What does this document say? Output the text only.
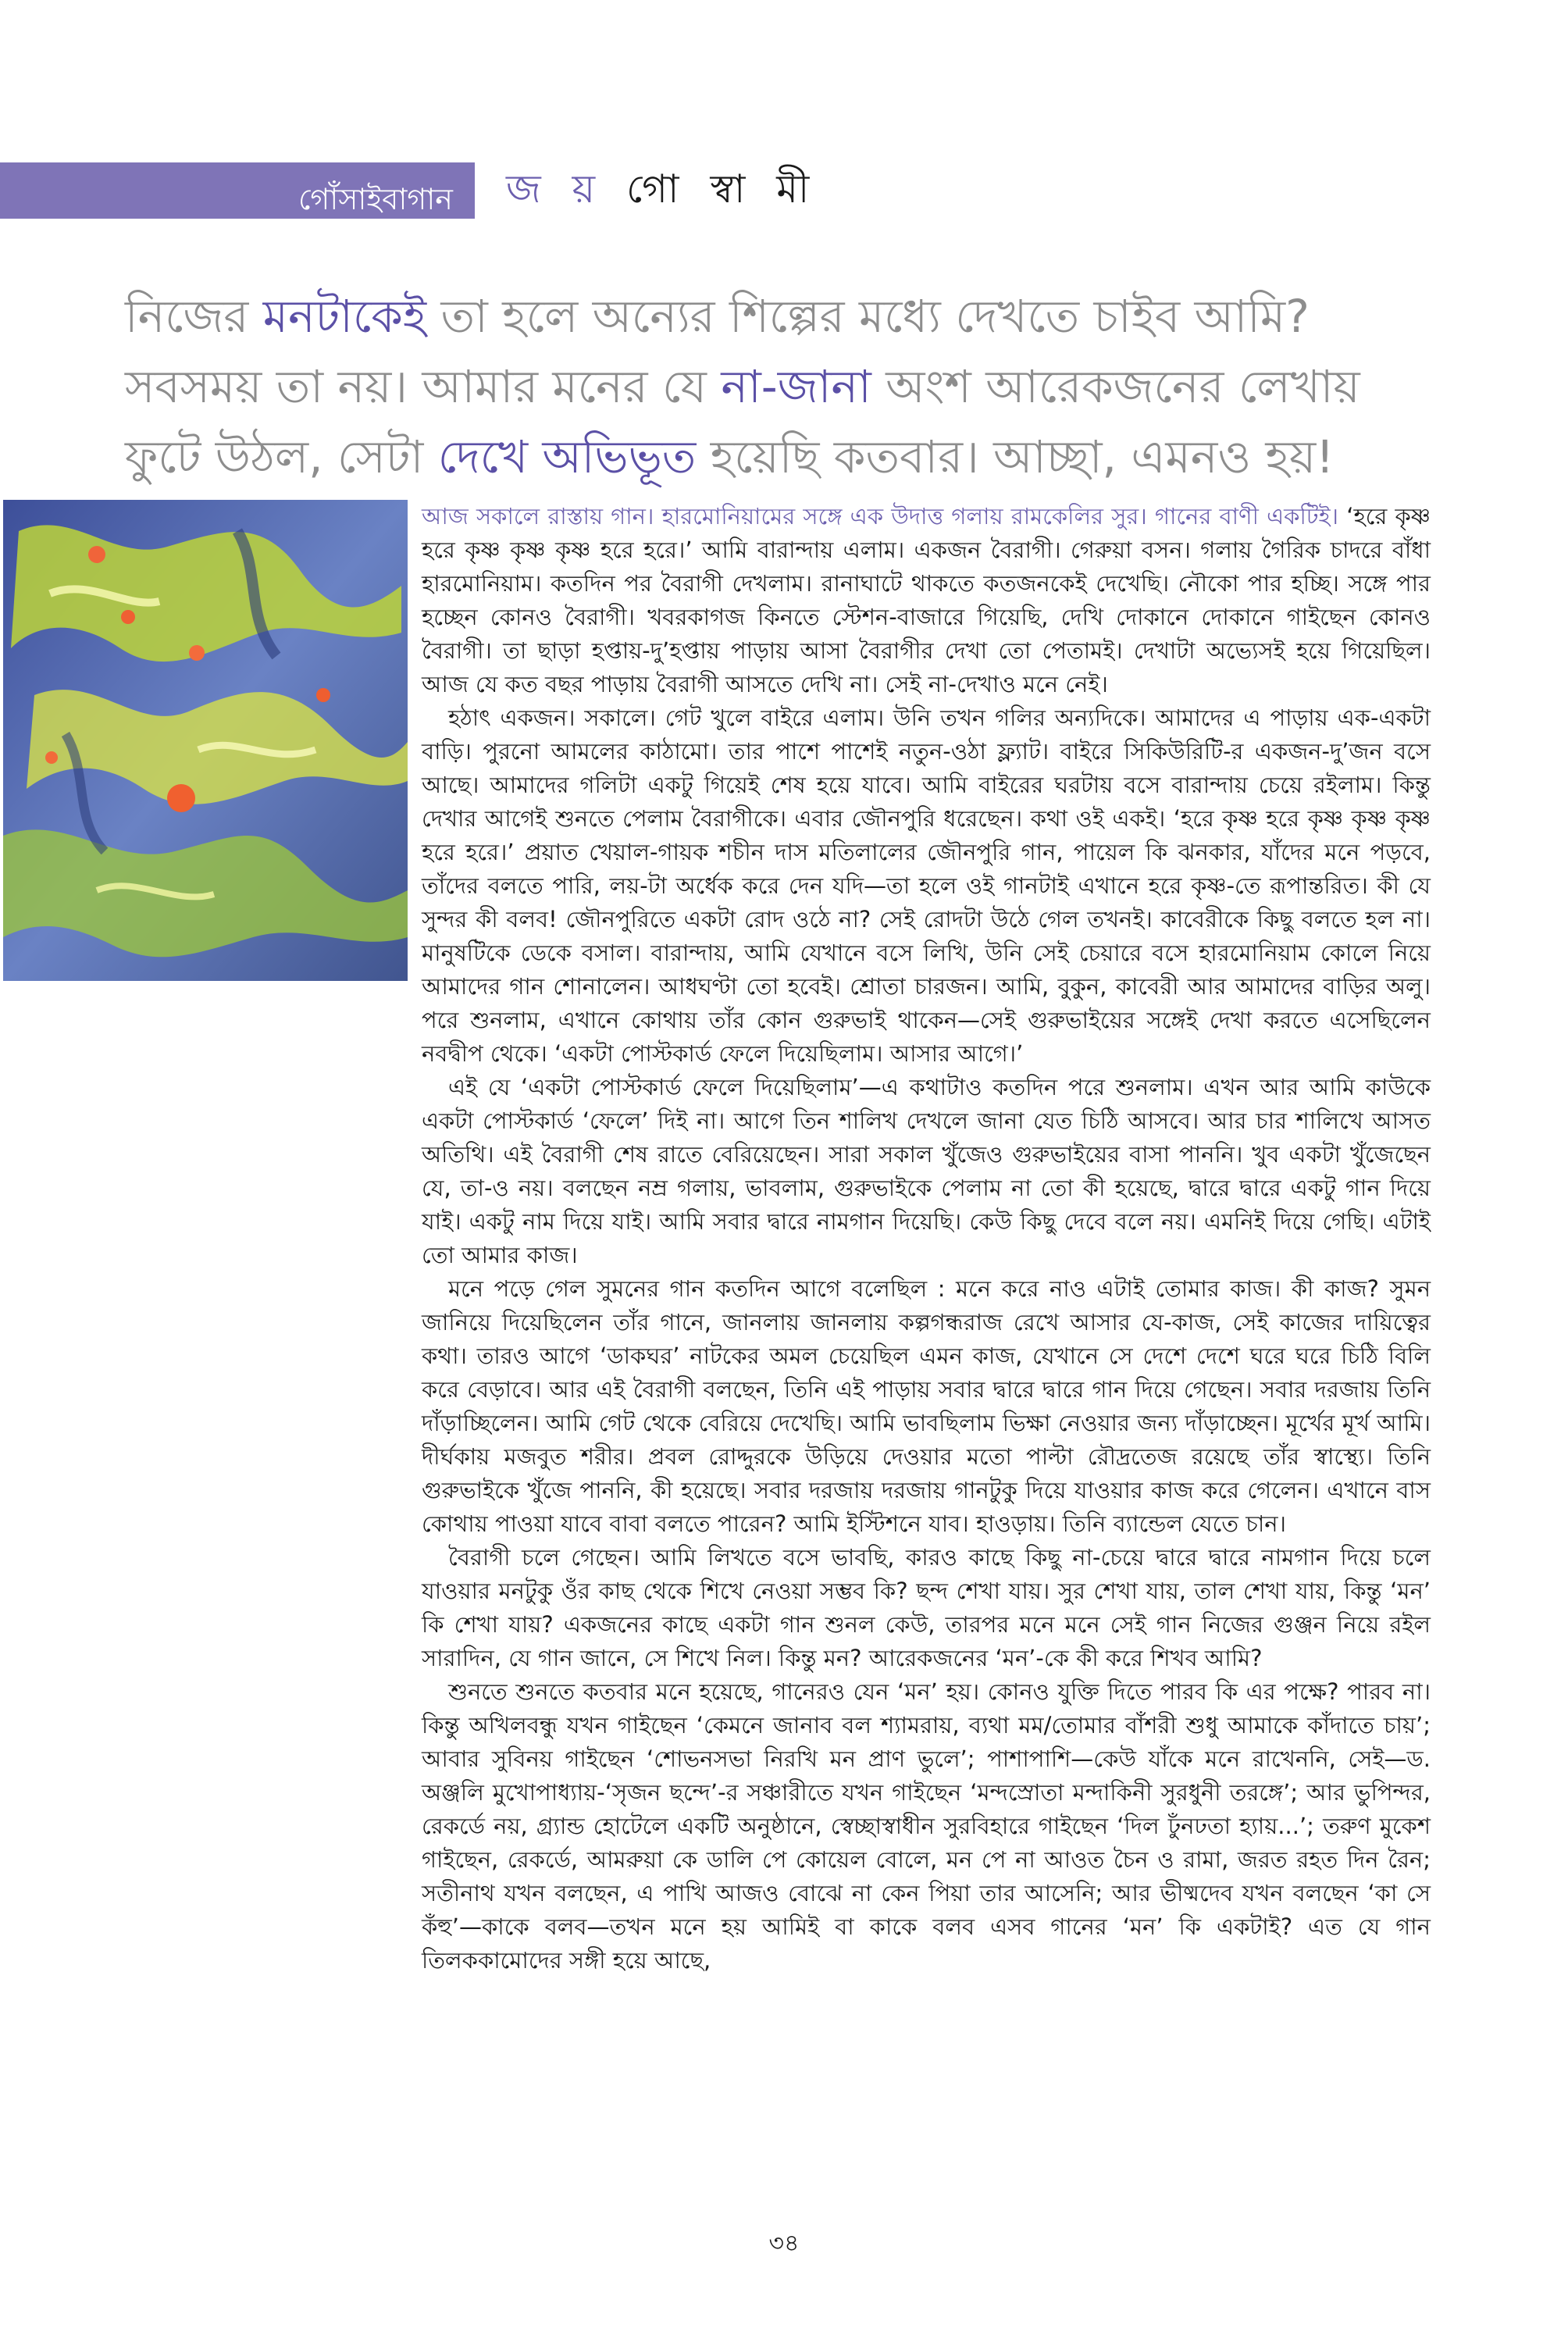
গোঁসাইবাগান জ য় গো স্বা মী
নিজের মনটাকেই তা হলে অন্যের শিল্পের মধ্যে দেখতে চাইব আমি?
সবসময় তা নয়। আমার মনের যে না-জানা অংশ আরেকজনের লেখায়
ফুটে উঠল, সেটা দেখে অভিভূত হয়েছি কতবার। আচ্ছা, এমনও হয়!

আজ সকালে রাস্তায় গান। হারমোনিয়ামের সঙ্গে এক উদাত্ত গলায় রামকেলির সুর। গানের বাণী একটিই। ‘হরে কৃষ্ণ হরে কৃষ্ণ কৃষ্ণ কৃষ্ণ হরে হরে।’ আমি বারান্দায় এলাম। একজন বৈরাগী। গেরুয়া বসন। গলায় গৈরিক চাদরে বাঁধা হারমোনিয়াম। কতদিন পর বৈরাগী দেখলাম। রানাঘাটে থাকতে কতজনকেই দেখেছি। নৌকো পার হচ্ছি। সঙ্গে পার হচ্ছেন কোনও বৈরাগী। খবরকাগজ কিনতে স্টেশন-বাজারে গিয়েছি, দেখি দোকানে দোকানে গাইছেন কোনও বৈরাগী। তা ছাড়া হপ্তায়-দু’হপ্তায় পাড়ায় আসা বৈরাগীর দেখা তো পেতামই। দেখাটা অভ্যেসই হয়ে গিয়েছিল। আজ যে কত বছর পাড়ায় বৈরাগী আসতে দেখি না। সেই না-দেখাও মনে নেই।

হঠাৎ একজন। সকালে। গেট খুলে বাইরে এলাম। উনি তখন গলির অন্যদিকে। আমাদের এ পাড়ায় এক-একটা বাড়ি। পুরনো আমলের কাঠামো। তার পাশে পাশেই নতুন-ওঠা ফ্ল্যাট। বাইরে সিকিউরিটি-র একজন-দু’জন বসে আছে। আমাদের গলিটা একটু গিয়েই শেষ হয়ে যাবে। আমি বাইরের ঘরটায় বসে বারান্দায় চেয়ে রইলাম। কিন্তু দেখার আগেই শুনতে পেলাম বৈরাগীকে। এবার জৌনপুরি ধরেছেন। কথা ওই একই। ‘হরে কৃষ্ণ হরে কৃষ্ণ কৃষ্ণ কৃষ্ণ হরে হরে।’ প্রয়াত খেয়াল-গায়ক শচীন দাস মতিলালের জৌনপুরি গান, পায়েল কি ঝনকার, যাঁদের মনে পড়বে, তাঁদের বলতে পারি, লয়-টা অর্ধেক করে দেন যদি—তা হলে ওই গানটাই এখানে হরে কৃষ্ণ-তে রূপান্তরিত। কী যে সুন্দর কী বলব! জৌনপুরিতে একটা রোদ ওঠে না? সেই রোদটা উঠে গেল তখনই। কাবেরীকে কিছু বলতে হল না। মানুষটিকে ডেকে বসাল। বারান্দায়, আমি যেখানে বসে লিখি, উনি সেই চেয়ারে বসে হারমোনিয়াম কোলে নিয়ে আমাদের গান শোনালেন। আধঘণ্টা তো হবেই। শ্রোতা চারজন। আমি, বুকুন, কাবেরী আর আমাদের বাড়ির অলু। পরে শুনলাম, এখানে কোথায় তাঁর কোন গুরুভাই থাকেন—সেই গুরুভাইয়ের সঙ্গেই দেখা করতে এসেছিলেন নবদ্বীপ থেকে। ‘একটা পোস্টকার্ড ফেলে দিয়েছিলাম। আসার আগে।’

এই যে ‘একটা পোস্টকার্ড ফেলে দিয়েছিলাম’—এ কথাটাও কতদিন পরে শুনলাম। এখন আর আমি কাউকে একটা পোস্টকার্ড ‘ফেলে’ দিই না। আগে তিন শালিখ দেখলে জানা যেত চিঠি আসবে। আর চার শালিখে আসত অতিথি। এই বৈরাগী শেষ রাতে বেরিয়েছেন। সারা সকাল খুঁজেও গুরুভাইয়ের বাসা পাননি। খুব একটা খুঁজেছেন যে, তা-ও নয়। বলছেন নম্র গলায়, ভাবলাম, গুরুভাইকে পেলাম না তো কী হয়েছে, দ্বারে দ্বারে একটু গান দিয়ে যাই। একটু নাম দিয়ে যাই। আমি সবার দ্বারে নামগান দিয়েছি। কেউ কিছু দেবে বলে নয়। এমনিই দিয়ে গেছি। এটাই তো আমার কাজ।

মনে পড়ে গেল সুমনের গান কতদিন আগে বলেছিল : মনে করে নাও এটাই তোমার কাজ। কী কাজ? সুমন জানিয়ে দিয়েছিলেন তাঁর গানে, জানলায় জানলায় কল্পগন্ধরাজ রেখে আসার যে-কাজ, সেই কাজের দায়িত্বের কথা। তারও আগে ‘ডাকঘর’ নাটকের অমল চেয়েছিল এমন কাজ, যেখানে সে দেশে দেশে ঘরে ঘরে চিঠি বিলি করে বেড়াবে। আর এই বৈরাগী বলছেন, তিনি এই পাড়ায় সবার দ্বারে দ্বারে গান দিয়ে গেছেন। সবার দরজায় তিনি দাঁড়াচ্ছিলেন। আমি গেট থেকে বেরিয়ে দেখেছি। আমি ভাবছিলাম ভিক্ষা নেওয়ার জন্য দাঁড়াচ্ছেন। মূর্খের মূর্খ আমি। দীর্ঘকায় মজবুত শরীর। প্রবল রোদ্দুরকে উড়িয়ে দেওয়ার মতো পাল্টা রৌদ্রতেজ রয়েছে তাঁর স্বাস্থ্যে। তিনি গুরুভাইকে খুঁজে পাননি, কী হয়েছে। সবার দরজায় দরজায় গানটুকু দিয়ে যাওয়ার কাজ করে গেলেন। এখানে বাস কোথায় পাওয়া যাবে বাবা বলতে পারেন? আমি ইস্টিশনে যাব। হাওড়ায়। তিনি ব্যান্ডেল যেতে চান।

বৈরাগী চলে গেছেন। আমি লিখতে বসে ভাবছি, কারও কাছে কিছু না-চেয়ে দ্বারে দ্বারে নামগান দিয়ে চলে যাওয়ার মনটুকু ওঁর কাছ থেকে শিখে নেওয়া সম্ভব কি? ছন্দ শেখা যায়। সুর শেখা যায়, তাল শেখা যায়, কিন্তু ‘মন’ কি শেখা যায়? একজনের কাছে একটা গান শুনল কেউ, তারপর মনে মনে সেই গান নিজের গুঞ্জন নিয়ে রইল সারাদিন, যে গান জানে, সে শিখে নিল। কিন্তু মন? আরেকজনের ‘মন’-কে কী করে শিখব আমি?

শুনতে শুনতে কতবার মনে হয়েছে, গানেরও যেন ‘মন’ হয়। কোনও যুক্তি দিতে পারব কি এর পক্ষে? পারব না। কিন্তু অখিলবন্ধু যখন গাইছেন ‘কেমনে জানাব বল শ্যামরায়, ব্যথা মম/তোমার বাঁশরী শুধু আমাকে কাঁদাতে চায়’; আবার সুবিনয় গাইছেন ‘শোভনসভা নিরখি মন প্রাণ ভুলে’; পাশাপাশি—কেউ যাঁকে মনে রাখেননি, সেই—ড. অঞ্জলি মুখোপাধ্যায়-‘সৃজন ছন্দে’-র সঞ্চারীতে যখন গাইছেন ‘মন্দস্রোতা মন্দাকিনী সুরধুনী তরঙ্গে’; আর ভুপিন্দর, রেকর্ডে নয়, গ্র্যান্ড হোটেলে একটি অনুষ্ঠানে, স্বেচ্ছাস্বাধীন সুরবিহারে গাইছেন ‘দিল ঢুঁনঢতা হ্যায়...’; তরুণ মুকেশ গাইছেন, রেকর্ডে, আমরুয়া কে ডালি পে কোয়েল বোলে, মন পে না আওত চৈন ও রামা, জরত রহত দিন রৈন; সতীনাথ যখন বলছেন, এ পাখি আজও বোঝে না কেন পিয়া তার আসেনি; আর ভীষ্মদেব যখন বলছেন ‘কা সে কঁহু’—কাকে বলব—তখন মনে হয় আমিই বা কাকে বলব এসব গানের ‘মন’ কি একটাই? এত যে গান তিলককামোদের সঙ্গী হয়ে আছে,

৩৪
